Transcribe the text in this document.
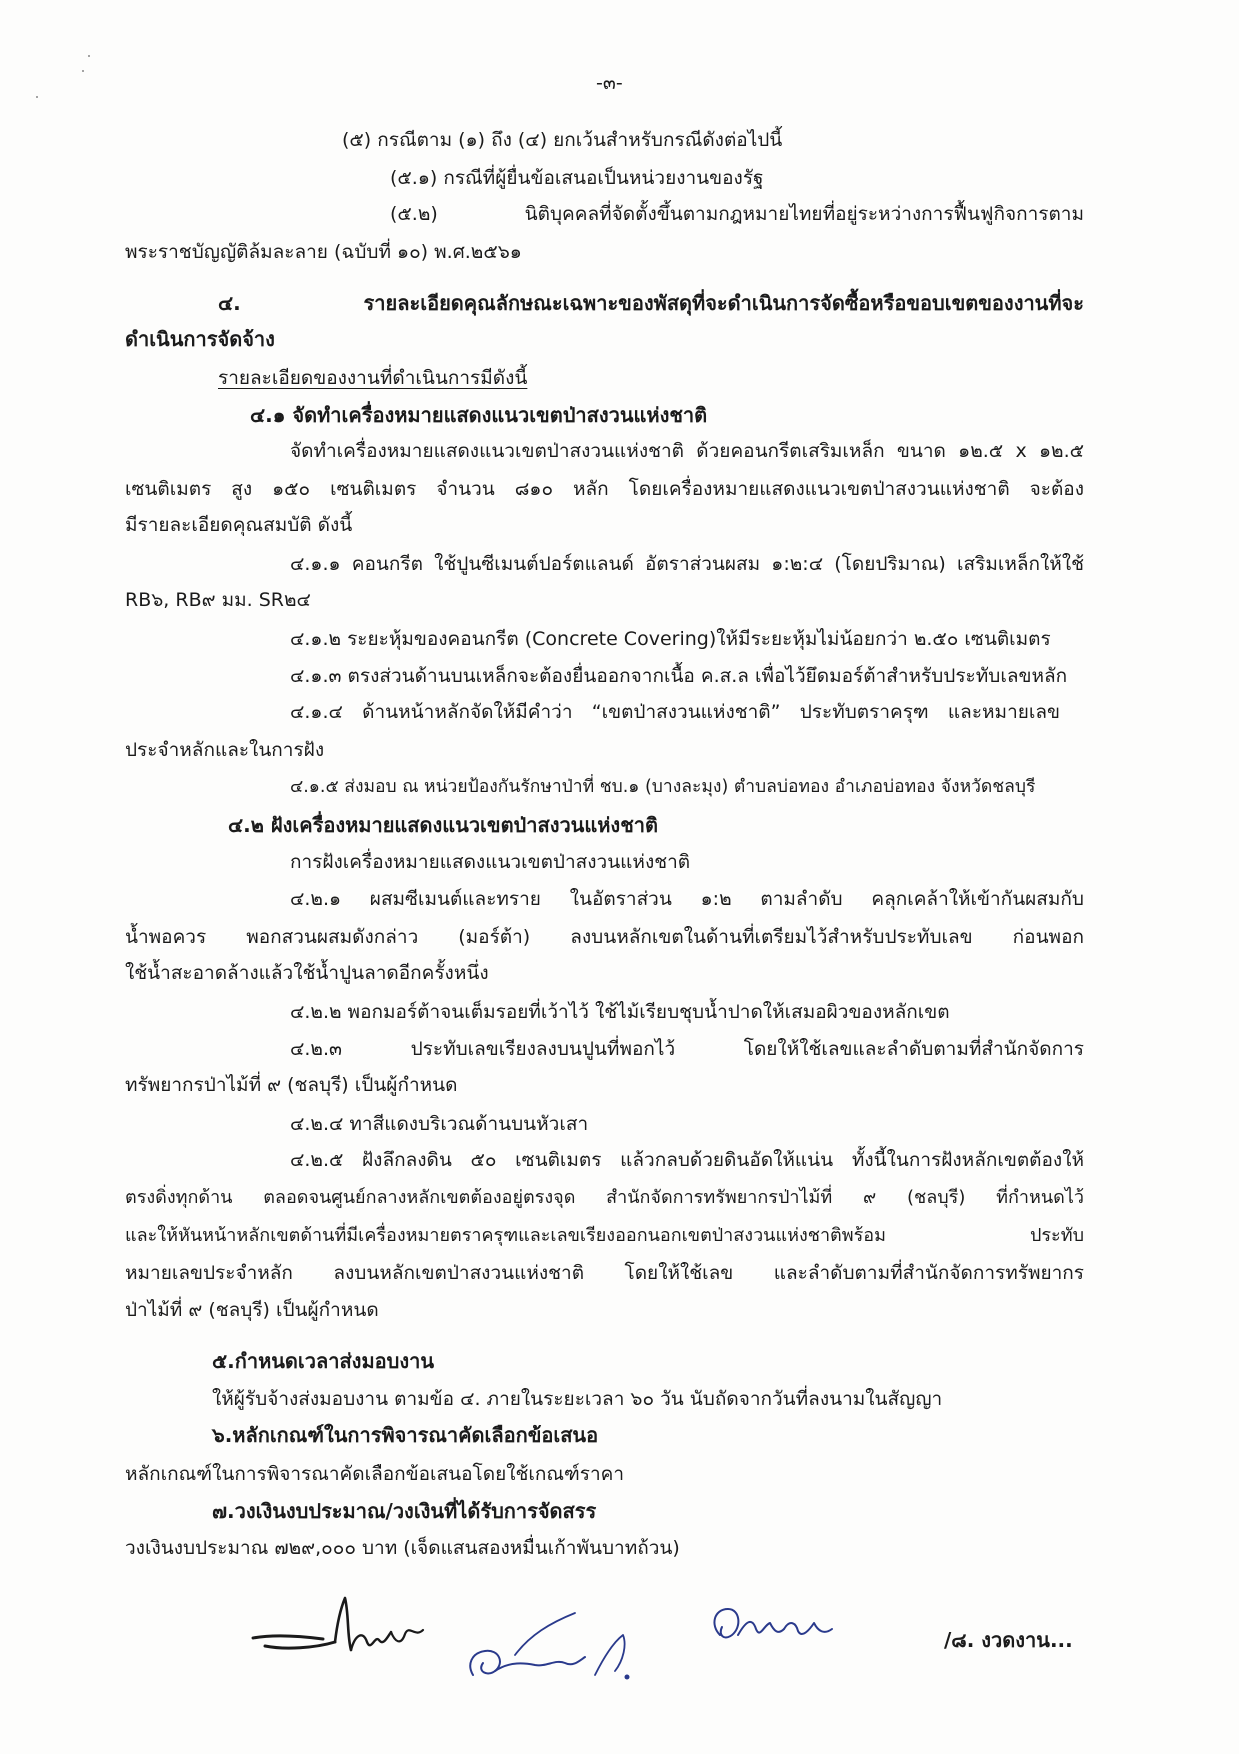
-๓-
(๕) กรณีตาม (๑) ถึง (๔) ยกเว้นสำหรับกรณีดังต่อไปนี้
(๕.๑) กรณีที่ผู้ยื่นข้อเสนอเป็นหน่วยงานของรัฐ
(๕.๒) นิติบุคคลที่จัดตั้งขึ้นตามกฎหมายไทยที่อยู่ระหว่างการฟื้นฟูกิจการตาม
พระราชบัญญัติล้มละลาย (ฉบับที่ ๑๐) พ.ศ.๒๕๖๑
๔. รายละเอียดคุณลักษณะเฉพาะของพัสดุที่จะดำเนินการจัดซื้อหรือขอบเขตของงานที่จะ
ดำเนินการจัดจ้าง
รายละเอียดของงานที่ดำเนินการมีดังนี้
๔.๑ จัดทำเครื่องหมายแสดงแนวเขตป่าสงวนแห่งชาติ
จัดทำเครื่องหมายแสดงแนวเขตป่าสงวนแห่งชาติ ด้วยคอนกรีตเสริมเหล็ก ขนาด ๑๒.๕ x ๑๒.๕
เซนติเมตร สูง ๑๕๐ เซนติเมตร จำนวน ๘๑๐ หลัก โดยเครื่องหมายแสดงแนวเขตป่าสงวนแห่งชาติ จะต้อง
มีรายละเอียดคุณสมบัติ ดังนี้
๔.๑.๑ คอนกรีต ใช้ปูนซีเมนต์ปอร์ตแลนด์ อัตราส่วนผสม ๑:๒:๔ (โดยปริมาณ) เสริมเหล็กให้ใช้
RB๖, RB๙ มม. SR๒๔
๔.๑.๒ ระยะหุ้มของคอนกรีต (Concrete Covering)ให้มีระยะหุ้มไม่น้อยกว่า ๒.๕๐ เซนติเมตร
๔.๑.๓ ตรงส่วนด้านบนเหล็กจะต้องยื่นออกจากเนื้อ ค.ส.ล เพื่อไว้ยึดมอร์ต้าสำหรับประทับเลขหลัก
๔.๑.๔ ด้านหน้าหลักจัดให้มีคำว่า “เขตป่าสงวนแห่งชาติ” ประทับตราครุฑ และหมายเลข
ประจำหลักและในการฝัง
๔.๑.๕ ส่งมอบ ณ หน่วยป้องกันรักษาป่าที่ ชบ.๑ (บางละมุง) ตำบลบ่อทอง อำเภอบ่อทอง จังหวัดชลบุรี
๔.๒ ฝังเครื่องหมายแสดงแนวเขตป่าสงวนแห่งชาติ
การฝังเครื่องหมายแสดงแนวเขตป่าสงวนแห่งชาติ
๔.๒.๑ ผสมซีเมนต์และทราย ในอัตราส่วน ๑:๒ ตามลำดับ คลุกเคล้าให้เข้ากันผสมกับ
น้ำพอควร พอกสวนผสมดังกล่าว (มอร์ต้า) ลงบนหลักเขตในด้านที่เตรียมไว้สำหรับประทับเลข ก่อนพอก
ใช้น้ำสะอาดล้างแล้วใช้น้ำปูนลาดอีกครั้งหนึ่ง
๔.๒.๒ พอกมอร์ต้าจนเต็มรอยที่เว้าไว้ ใช้ไม้เรียบชุบน้ำปาดให้เสมอผิวของหลักเขต
๔.๒.๓ ประทับเลขเรียงลงบนปูนที่พอกไว้ โดยให้ใช้เลขและลำดับตามที่สำนักจัดการ
ทรัพยากรป่าไม้ที่ ๙ (ชลบุรี) เป็นผู้กำหนด
๔.๒.๔ ทาสีแดงบริเวณด้านบนหัวเสา
๔.๒.๕ ฝังลึกลงดิน ๕๐ เซนติเมตร แล้วกลบด้วยดินอัดให้แน่น ทั้งนี้ในการฝังหลักเขตต้องให้
ตรงดิ่งทุกด้าน ตลอดจนศูนย์กลางหลักเขตต้องอยู่ตรงจุด สำนักจัดการทรัพยากรป่าไม้ที่ ๙ (ชลบุรี) ที่กำหนดไว้
และให้หันหน้าหลักเขตด้านที่มีเครื่องหมายตราครุฑและเลขเรียงออกนอกเขตป่าสงวนแห่งชาติพร้อม ประทับ
หมายเลขประจำหลัก ลงบนหลักเขตป่าสงวนแห่งชาติ โดยให้ใช้เลข และลำดับตามที่สำนักจัดการทรัพยากร
ป่าไม้ที่ ๙ (ชลบุรี) เป็นผู้กำหนด
๕.กำหนดเวลาส่งมอบงาน
ให้ผู้รับจ้างส่งมอบงาน ตามข้อ ๔. ภายในระยะเวลา ๖๐ วัน นับถัดจากวันที่ลงนามในสัญญา
๖.หลักเกณฑ์ในการพิจารณาคัดเลือกข้อเสนอ
หลักเกณฑ์ในการพิจารณาคัดเลือกข้อเสนอโดยใช้เกณฑ์ราคา
๗.วงเงินงบประมาณ/วงเงินที่ได้รับการจัดสรร
วงเงินงบประมาณ ๗๒๙,๐๐๐ บาท (เจ็ดแสนสองหมื่นเก้าพันบาทถ้วน)
/๘. งวดงาน...
